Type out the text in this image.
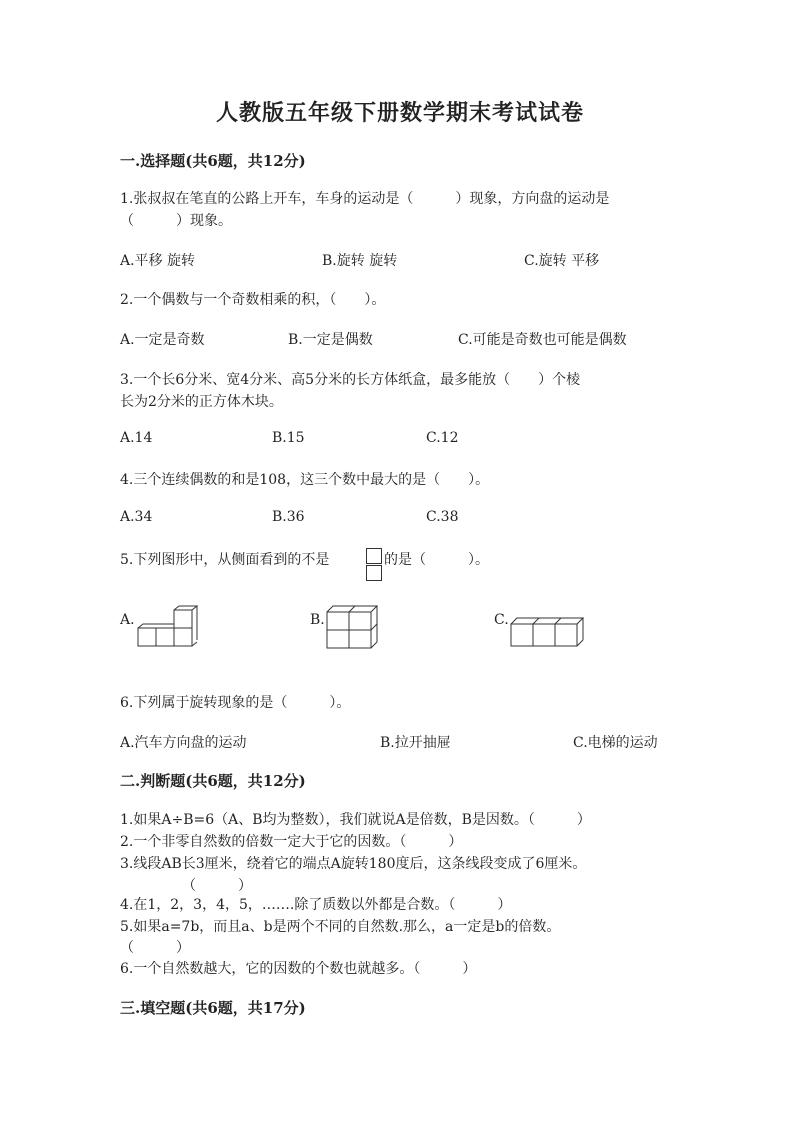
人教版五年级下册数学期末考试试卷
一.选择题(共6题，共12分)
1.张叔叔在笔直的公路上开车，车身的运动是（　　　）现象，方向盘的运动是
（　　　）现象。
A.平移 旋转	B.旋转 旋转	C.旋转 平移
2.一个偶数与一个奇数相乘的积，（　　）。
A.一定是奇数	B.一定是偶数	C.可能是奇数也可能是偶数
3.一个长6分米、宽4分米、高5分米的长方体纸盒，最多能放（　　）个棱
长为2分米的正方体木块。
A.14	B.15	C.12
4.三个连续偶数的和是108，这三个数中最大的是（　　）。
A.34	B.36	C.38
5.下列图形中，从侧面看到的不是	的是（　　　）。
A.	B.	C.
6.下列属于旋转现象的是（　　　）。
A.汽车方向盘的运动	B.拉开抽屉	C.电梯的运动
二.判断题(共6题，共12分)
1.如果A÷B=6（A、B均为整数），我们就说A是倍数，B是因数。（　　　）
2.一个非零自然数的倍数一定大于它的因数。（　　　）
3.线段AB长3厘米，绕着它的端点A旋转180度后，这条线段变成了6厘米。
（　　　）
4.在1，2，3，4，5，…….除了质数以外都是合数。（　　　）
5.如果a=7b，而且a、b是两个不同的自然数.那么，a一定是b的倍数。
（　　　）
6.一个自然数越大，它的因数的个数也就越多。（　　　）
三.填空题(共6题，共17分)
